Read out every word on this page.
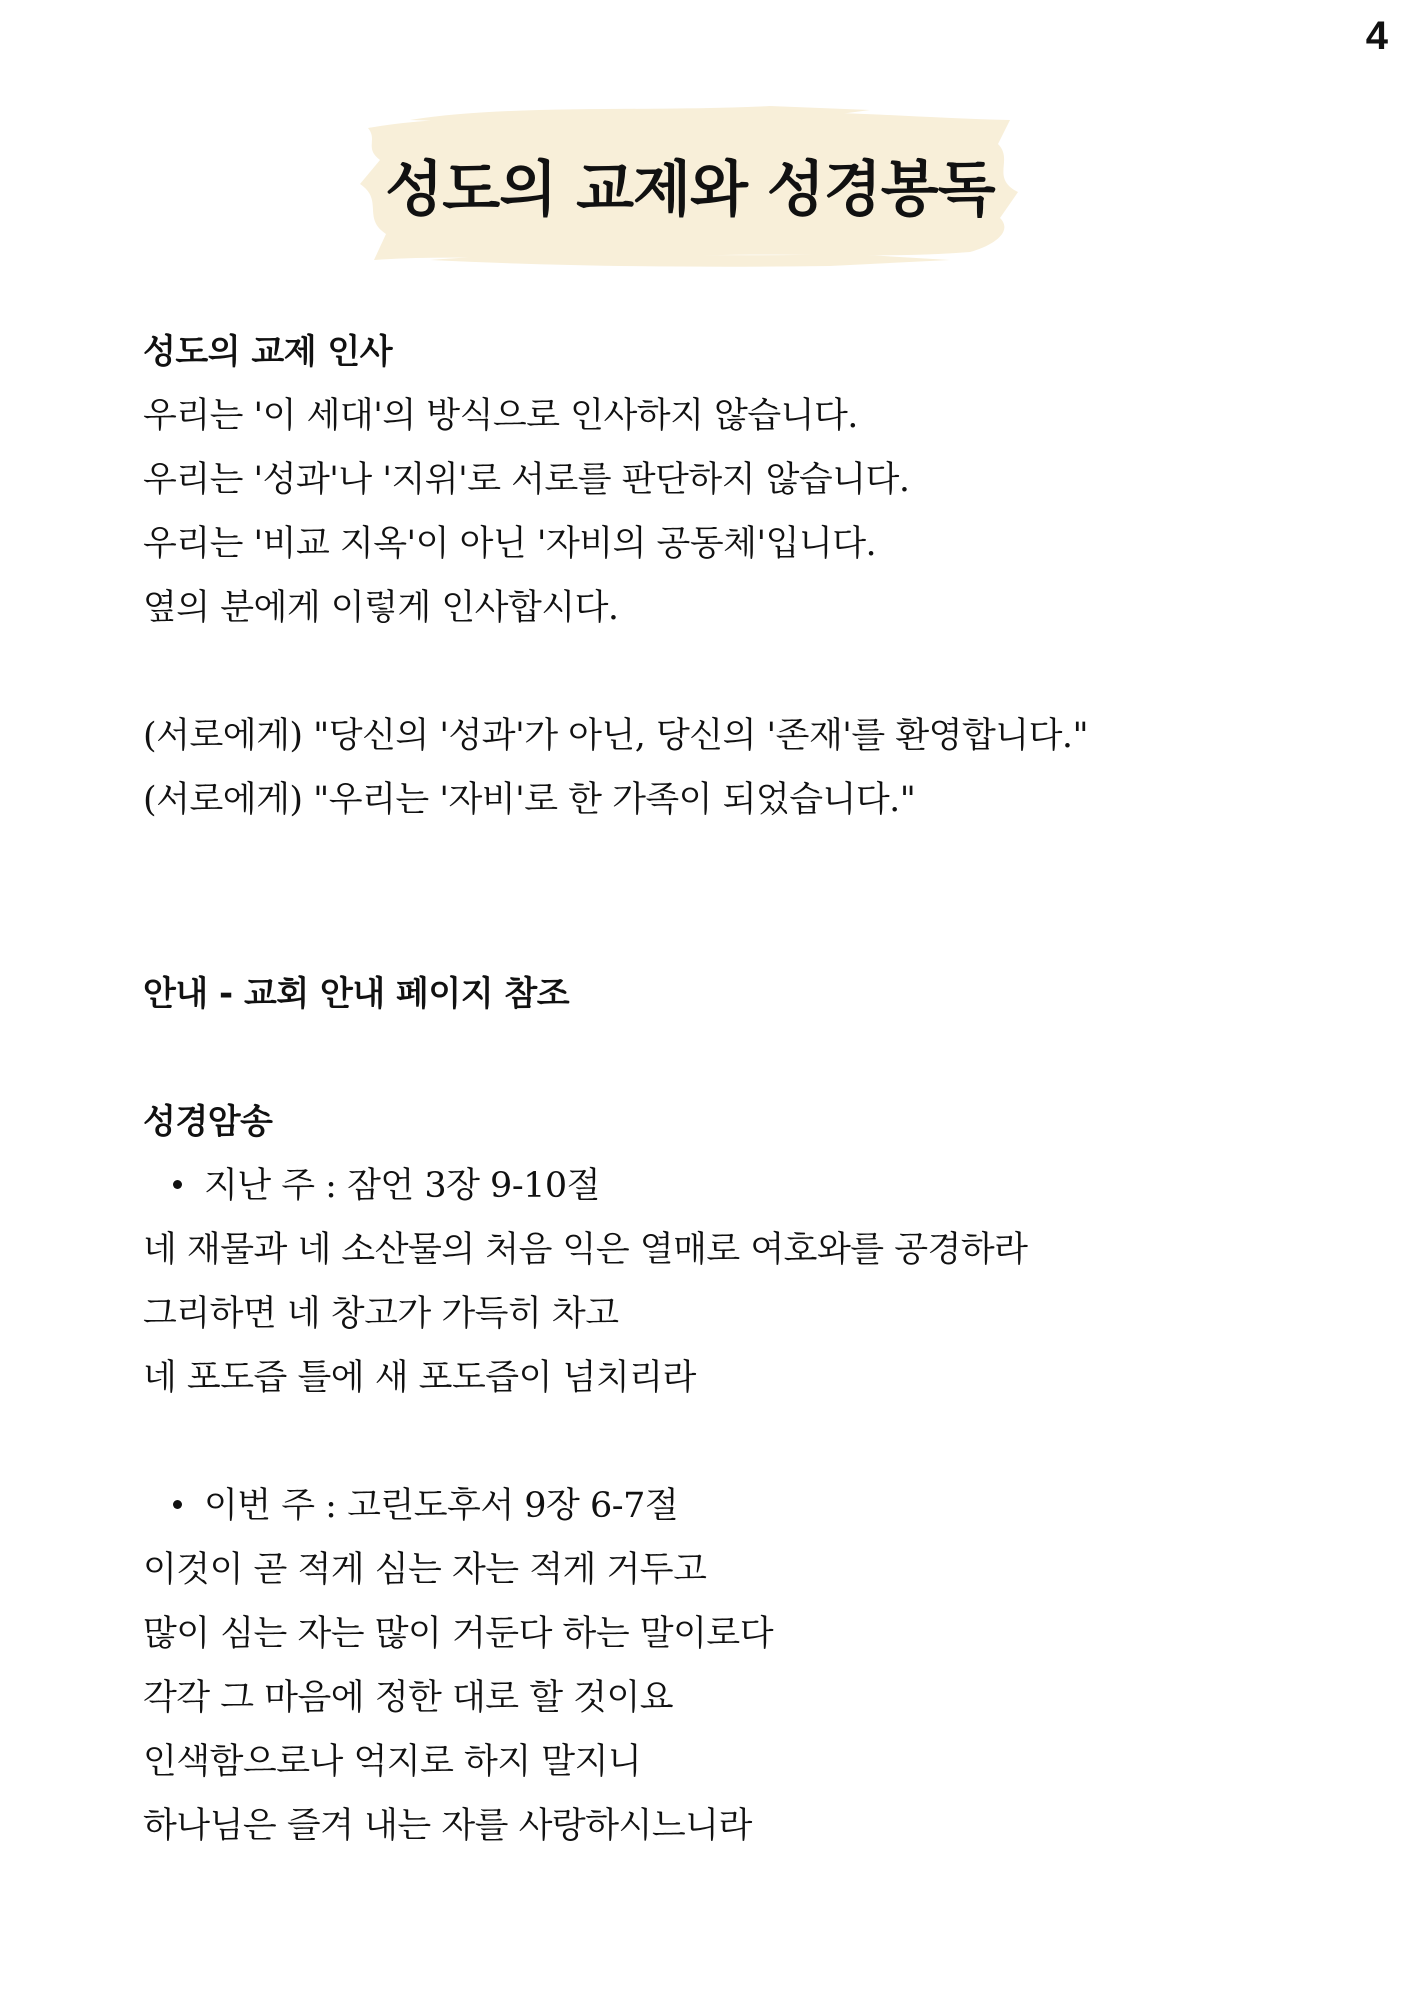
4
성도의 교제와 성경봉독
성도의 교제 인사
우리는 '이 세대'의 방식으로 인사하지 않습니다.
우리는 '성과'나 '지위'로 서로를 판단하지 않습니다.
우리는 '비교 지옥'이 아닌 '자비의 공동체'입니다.
옆의 분에게 이렇게 인사합시다.
(서로에게) "당신의 '성과'가 아닌, 당신의 '존재'를 환영합니다."
(서로에게) "우리는 '자비'로 한 가족이 되었습니다."
안내 - 교회 안내 페이지 참조
성경암송
지난 주 : 잠언 3장 9-10절
네 재물과 네 소산물의 처음 익은 열매로 여호와를 공경하라
그리하면 네 창고가 가득히 차고
네 포도즙 틀에 새 포도즙이 넘치리라
이번 주 : 고린도후서 9장 6-7절
이것이 곧 적게 심는 자는 적게 거두고
많이 심는 자는 많이 거둔다 하는 말이로다
각각 그 마음에 정한 대로 할 것이요
인색함으로나 억지로 하지 말지니
하나님은 즐겨 내는 자를 사랑하시느니라
